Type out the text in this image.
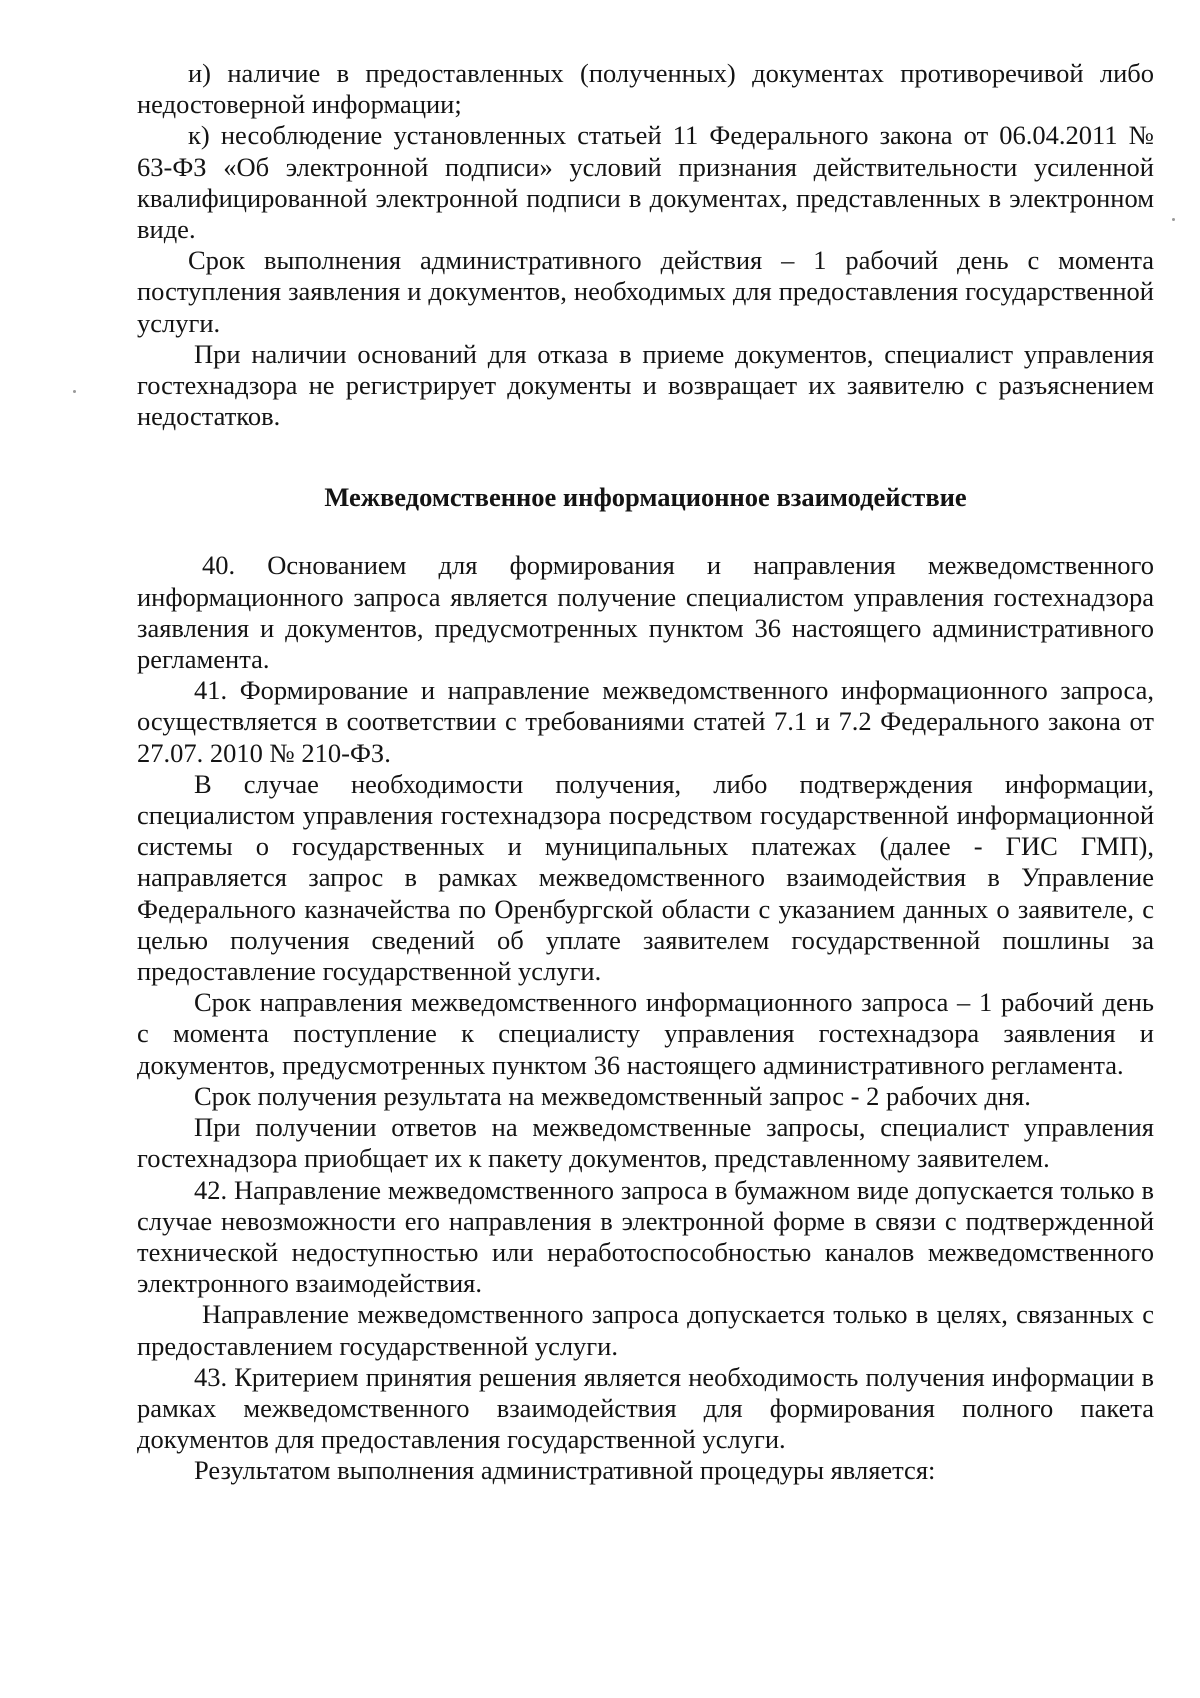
и) наличие в предоставленных (полученных) документах противоречивой либо недостоверной информации;

к) несоблюдение установленных статьей 11 Федерального закона от 06.04.2011 № 63-ФЗ «Об электронной подписи» условий признания действительности усиленной квалифицированной электронной подписи в документах, представленных в электронном виде.

Срок выполнения административного действия – 1 рабочий день с момента поступления заявления и документов, необходимых для предоставления государственной услуги.

При наличии оснований для отказа в приеме документов, специалист управления гостехнадзора не регистрирует документы и возвращает их заявителю с разъяснением недостатков.

Межведомственное информационное взаимодействие

40. Основанием для формирования и направления межведомственного информационного запроса является получение специалистом управления гостехнадзора заявления и документов, предусмотренных пунктом 36 настоящего административного регламента.

41. Формирование и направление межведомственного информационного запроса, осуществляется в соответствии с требованиями статей 7.1 и 7.2 Федерального закона от 27.07. 2010 № 210-ФЗ.

В случае необходимости получения, либо подтверждения информации, специалистом управления гостехнадзора посредством государственной информационной системы о государственных и муниципальных платежах (далее - ГИС ГМП), направляется запрос в рамках межведомственного взаимодействия в Управление Федерального казначейства по Оренбургской области с указанием данных о заявителе, с целью получения сведений об уплате заявителем государственной пошлины за предоставление государственной услуги.

Срок направления межведомственного информационного запроса – 1 рабочий день с момента поступление к специалисту управления гостехнадзора заявления и документов, предусмотренных пунктом 36 настоящего административного регламента.

Срок получения результата на межведомственный запрос - 2 рабочих дня.

При получении ответов на межведомственные запросы, специалист управления гостехнадзора приобщает их к пакету документов, представленному заявителем.

42. Направление межведомственного запроса в бумажном виде допускается только в случае невозможности его направления в электронной форме в связи с подтвержденной технической недоступностью или неработоспособностью каналов межведомственного электронного взаимодействия.

Направление межведомственного запроса допускается только в целях, связанных с предоставлением государственной услуги.

43. Критерием принятия решения является необходимость получения информации в рамках межведомственного взаимодействия для формирования полного пакета документов для предоставления государственной услуги.

Результатом выполнения административной процедуры является:
